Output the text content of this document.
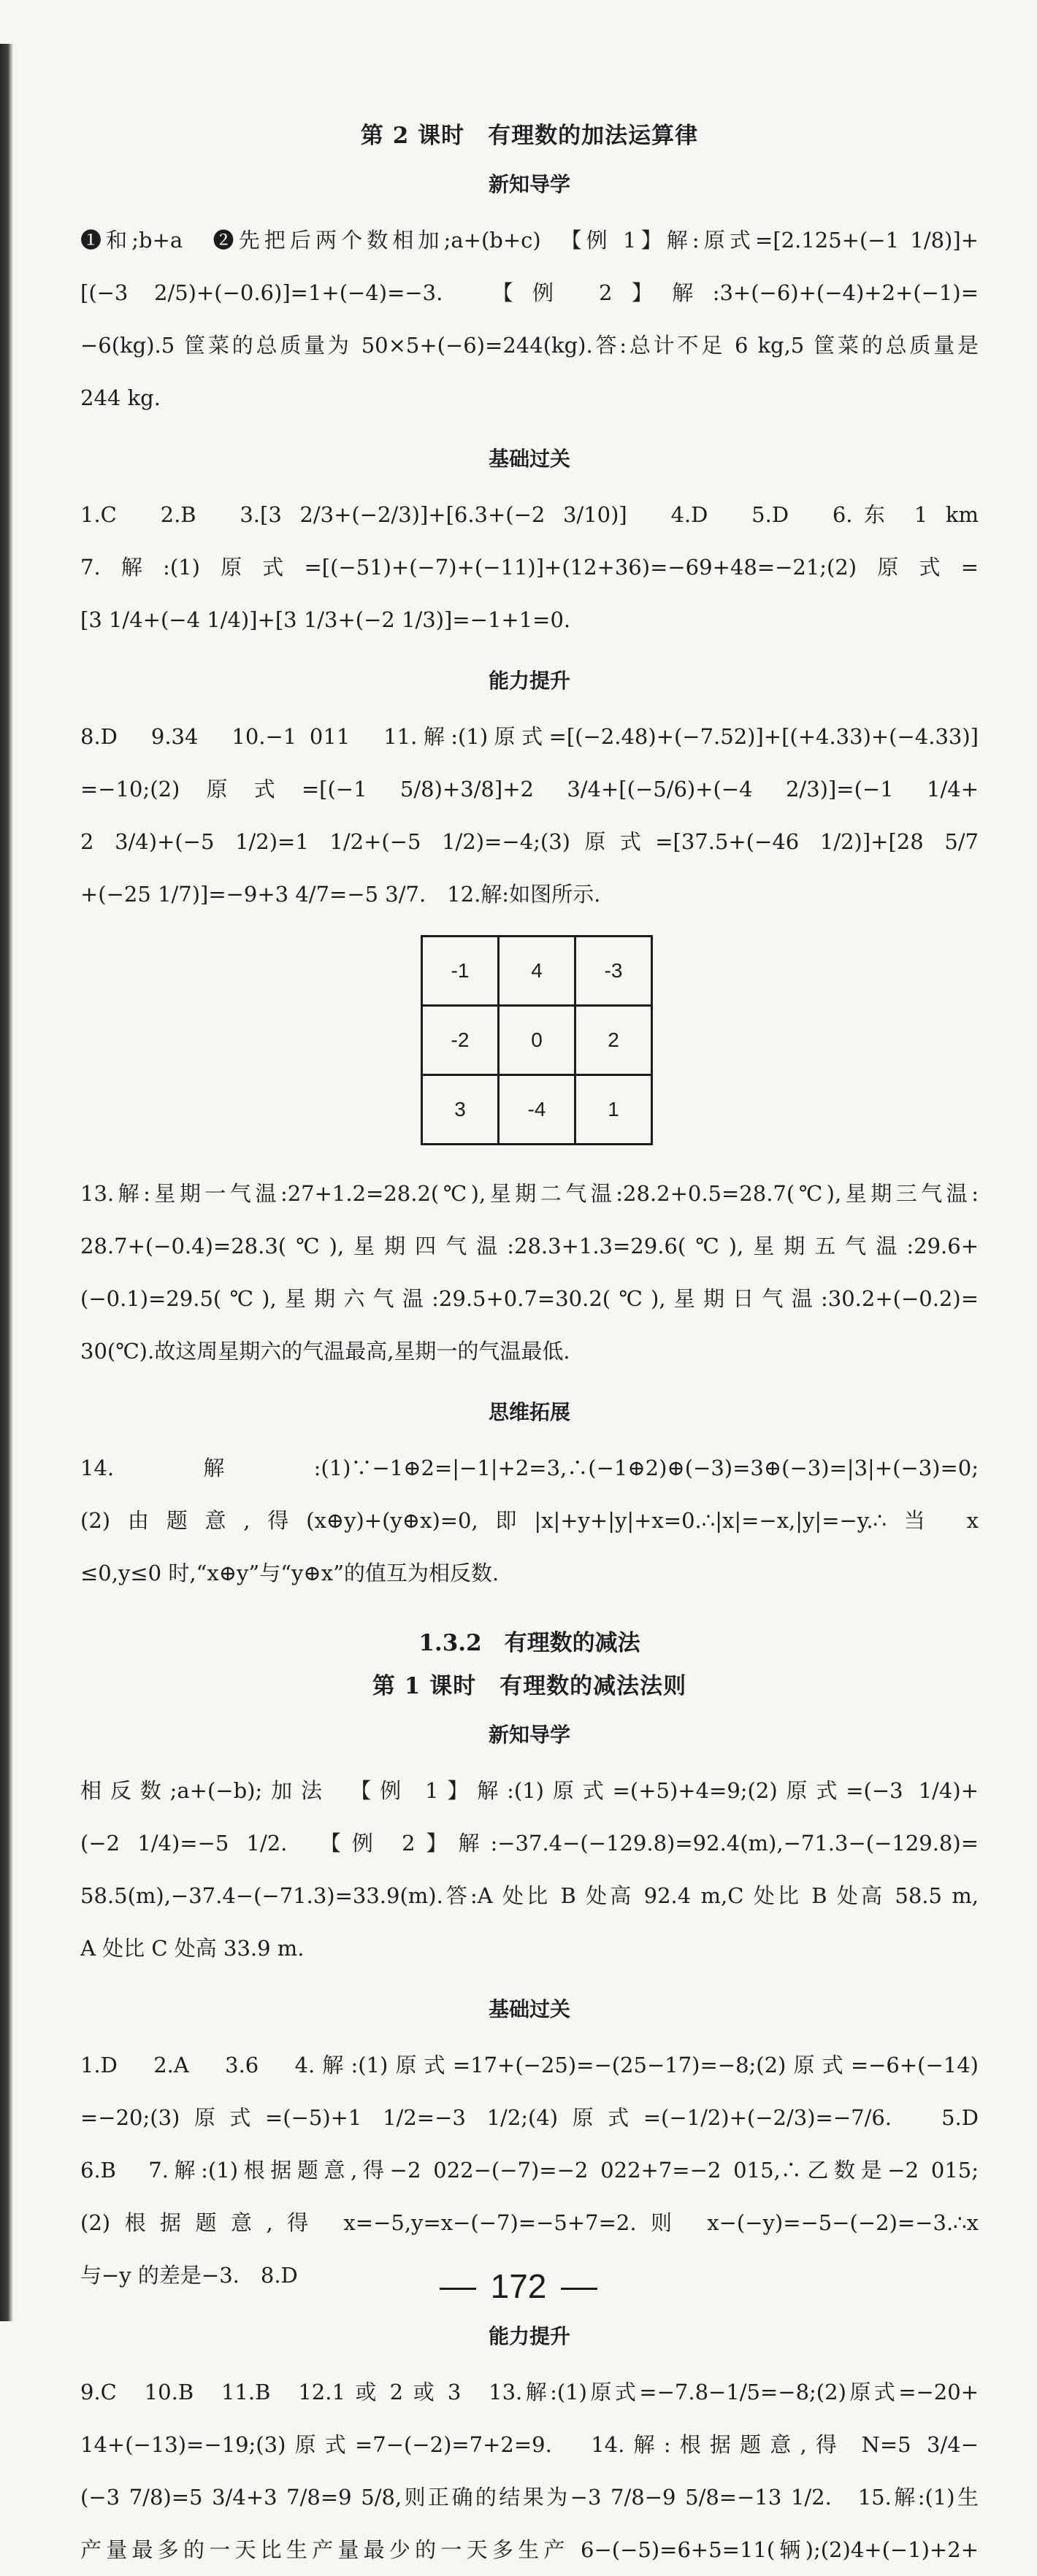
第 2 课时　有理数的加法运算律
新知导学

❶和;b+a　❷先把后两个数相加;a+(b+c)　【例 1】解:原式=[2.125+(−1 1/8)]+

[(−3 2/5)+(−0.6)]=1+(−4)=−3.　【例 2】解:3+(−6)+(−4)+2+(−1)=

−6(kg).5 筐菜的总质量为 50×5+(−6)=244(kg).答:总计不足 6 kg,5 筐菜的总质量是

244 kg.

基础过关

1.C　2.B　3.[3 2/3+(−2/3)]+[6.3+(−2 3/10)]　4.D　5.D　6.东 1 km

7.解:(1)原式=[(−51)+(−7)+(−11)]+(12+36)=−69+48=−21;(2)原式=

[3 1/4+(−4 1/4)]+[3 1/3+(−2 1/3)]=−1+1=0.

能力提升

8.D　9.34　10.−1 011　11.解:(1)原式=[(−2.48)+(−7.52)]+[(+4.33)+(−4.33)]

=−10;(2)原式=[(−1 5/8)+3/8]+2 3/4+[(−5/6)+(−4 2/3)]=(−1 1/4+

2 3/4)+(−5 1/2)=1 1/2+(−5 1/2)=−4;(3)原式=[37.5+(−46 1/2)]+[28 5/7

+(−25 1/7)]=−9+3 4/7=−5 3/7.　12.解:如图所示.

-1	4	-3
-2	0	2
3	-4	1

13.解:星期一气温:27+1.2=28.2(℃),星期二气温:28.2+0.5=28.7(℃),星期三气温:

28.7+(−0.4)=28.3(℃),星期四气温:28.3+1.3=29.6(℃),星期五气温:29.6+

(−0.1)=29.5(℃),星期六气温:29.5+0.7=30.2(℃),星期日气温:30.2+(−0.2)=

30(℃).故这周星期六的气温最高,星期一的气温最低.

思维拓展

14.解:(1)∵−1⊕2=|−1|+2=3,∴(−1⊕2)⊕(−3)=3⊕(−3)=|3|+(−3)=0;

(2)由题意,得(x⊕y)+(y⊕x)=0,即|x|+y+|y|+x=0.∴|x|=−x,|y|=−y.∴当 x

≤0,y≤0 时,“x⊕y”与“y⊕x”的值互为相反数.

1.3.2　有理数的减法
第 1 课时　有理数的减法法则
新知导学

相反数;a+(−b);加法　【例 1】解:(1)原式=(+5)+4=9;(2)原式=(−3 1/4)+

(−2 1/4)=−5 1/2.　【例 2】解:−37.4−(−129.8)=92.4(m),−71.3−(−129.8)=

58.5(m),−37.4−(−71.3)=33.9(m).答:A 处比 B 处高 92.4 m,C 处比 B 处高 58.5 m,

A 处比 C 处高 33.9 m.

基础过关

1.D　2.A　3.6　4.解:(1)原式=17+(−25)=−(25−17)=−8;(2)原式=−6+(−14)

=−20;(3)原式=(−5)+1 1/2=−3 1/2;(4)原式=(−1/2)+(−2/3)=−7/6.　5.D

6.B　7.解:(1)根据题意,得−2 022−(−7)=−2 022+7=−2 015,∴乙数是−2 015;

(2)根据题意,得 x=−5,y=x−(−7)=−5+7=2.则 x−(−y)=−5−(−2)=−3.∴x

与−y 的差是−3.　8.D

能力提升

9.C　10.B　11.B　12.1 或 2 或 3　13.解:(1)原式=−7.8−1/5=−8;(2)原式=−20+

14+(−13)=−19;(3)原式=7−(−2)=7+2=9.　14.解:根据题意,得 N=5 3/4−

(−3 7/8)=5 3/4+3 7/8=9 5/8,则正确的结果为−3 7/8−9 5/8=−13 1/2.　15.解:(1)生

产量最多的一天比生产量最少的一天多生产 6−(−5)=6+5=11(辆);(2)4+(−1)+2+

172
